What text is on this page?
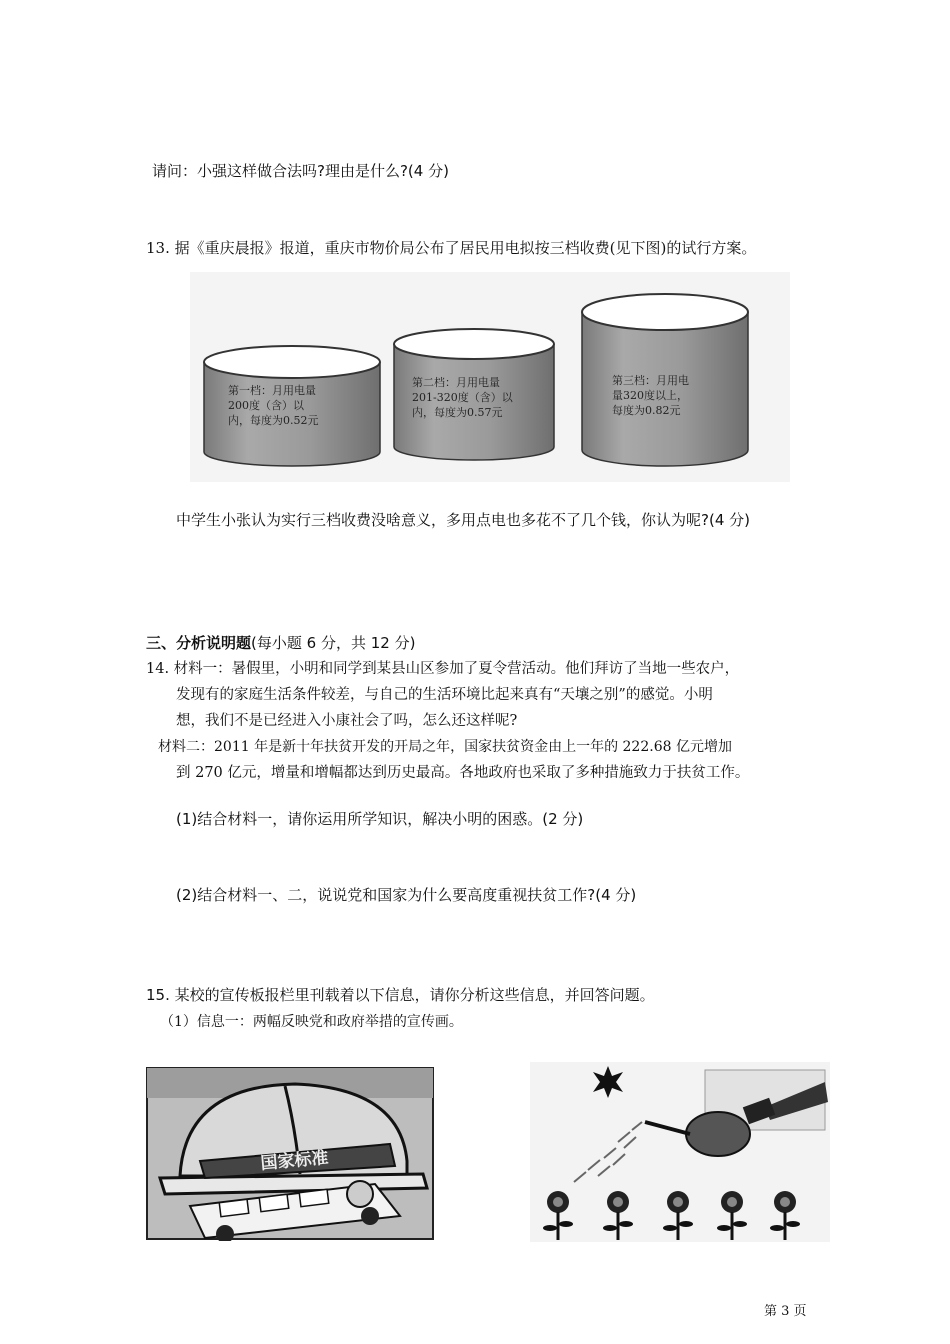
请问：小强这样做合法吗?理由是什么?(4 分)
13. 据《重庆晨报》报道，重庆市物价局公布了居民用电拟按三档收费(见下图)的试行方案。
第一档：月用电量
200度（含）以
内，每度为0.52元
第二档：月用电量
201-320度（含）以
内，每度为0.57元
第三档：月用电
量320度以上，
每度为0.82元
中学生小张认为实行三档收费没啥意义，多用点电也多花不了几个钱，你认为呢?(4 分)
三、分析说明题(每小题 6 分，共 12 分)
14. 材料一：暑假里，小明和同学到某县山区参加了夏令营活动。他们拜访了当地一些农户，
发现有的家庭生活条件较差，与自己的生活环境比起来真有“天壤之别”的感觉。小明
想，我们不是已经进入小康社会了吗，怎么还这样呢?
材料二：2011 年是新十年扶贫开发的开局之年，国家扶贫资金由上一年的 222.68 亿元增加
到 270 亿元，增量和增幅都达到历史最高。各地政府也采取了多种措施致力于扶贫工作。
(1)结合材料一，请你运用所学知识，解决小明的困惑。(2 分)
(2)结合材料一、二，说说党和国家为什么要高度重视扶贫工作?(4 分)
15. 某校的宣传板报栏里刊载着以下信息，请你分析这些信息，并回答问题。
（1）信息一：两幅反映党和政府举措的宣传画。
国家标准
第 3 页
